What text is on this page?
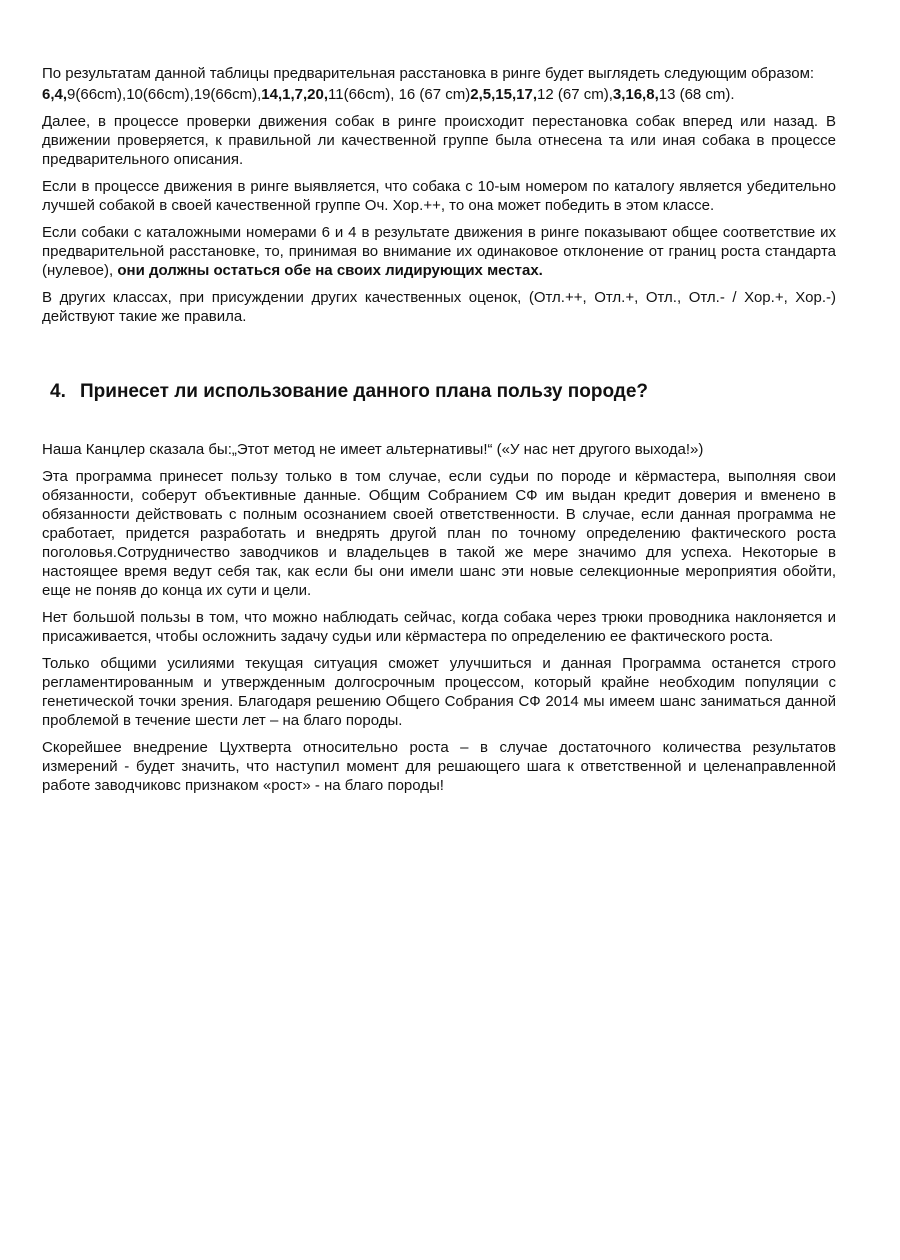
По результатам данной таблицы предварительная расстановка в ринге будет выглядеть следующим образом:

6,4,9(66cm),10(66cm),19(66cm),14,1,7,20,11(66cm), 16 (67 cm)2,5,15,17,12 (67 cm),3,16,8,13 (68 cm).

Далее, в процессе проверки движения собак в ринге происходит перестановка собак вперед или назад. В движении проверяется, к правильной ли качественной группе была отнесена та или иная собака в процессе предварительного описания.

Если в процессе движения в ринге выявляется, что собака с 10-ым номером по каталогу является убедительно лучшей собакой в своей качественной группе Оч. Хор.++, то она может победить в этом классе.

Если собаки с каталожными номерами 6 и 4 в результате движения в ринге показывают общее соответствие их предварительной расстановке, то, принимая во внимание их одинаковое отклонение от границ роста стандарта (нулевое), они должны остаться обе на своих лидирующих местах.

В других классах, при присуждении других качественных оценок, (Отл.++, Отл.+, Отл., Отл.- / Хор.+, Хор.-) действуют такие же правила.

4. Принесет ли использование данного плана пользу породе?

Наша Канцлер сказала бы:„Этот метод не имеет альтернативы!“ («У нас нет другого выхода!»)

Эта программа принесет пользу только в том случае, если судьи по породе и кёрмастера, выполняя свои обязанности, соберут объективные данные. Общим Собранием СФ им выдан кредит доверия и вменено в обязанности действовать с полным осознанием своей ответственности. В случае, если данная программа не сработает, придется разработать и внедрять другой план по точному определению фактического роста поголовья.Сотрудничество заводчиков и владельцев в такой же мере значимо для успеха. Некоторые в настоящее время ведут себя так, как если бы они имели шанс эти новые селекционные мероприятия обойти, еще не поняв до конца их сути и цели.

Нет большой пользы в том, что можно наблюдать сейчас, когда собака через трюки проводника наклоняется и присаживается, чтобы осложнить задачу судьи или кёрмастера по определению ее фактического роста.

Только общими усилиями текущая ситуация сможет улучшиться и данная Программа останется строго регламентированным и утвержденным долгосрочным процессом, который крайне необходим популяции с генетической точки зрения. Благодаря решению Общего Собрания СФ 2014 мы имеем шанс заниматься данной проблемой в течение шести лет – на благо породы.

Скорейшее внедрение Цухтверта относительно роста – в случае достаточного количества результатов измерений - будет значить, что наступил момент для решающего шага к ответственной и целенаправленной работе заводчиковс признаком «рост» - на благо породы!
